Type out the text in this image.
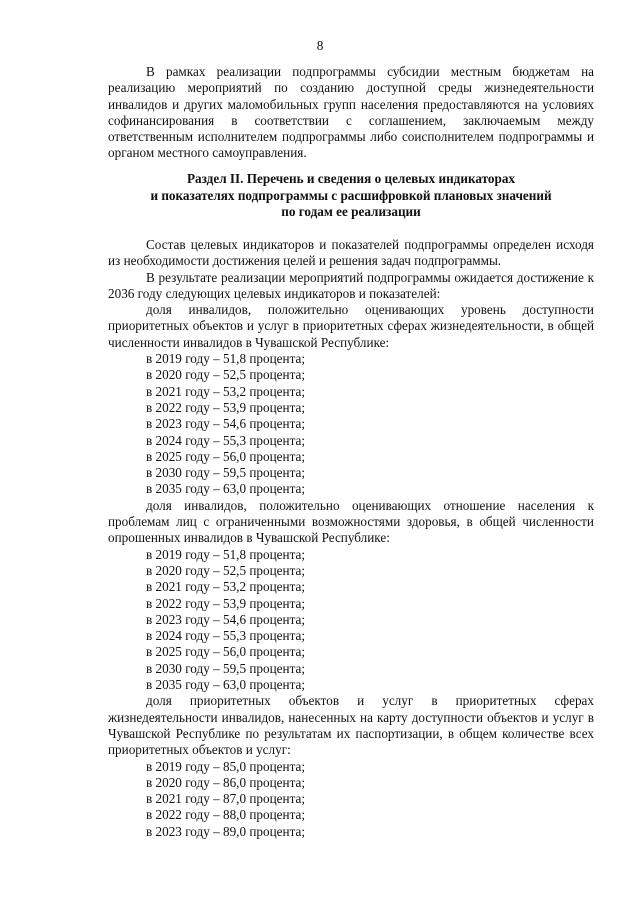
8

В рамках реализации подпрограммы субсидии местным бюджетам на реализацию мероприятий по созданию доступной среды жизнедеятельности инвалидов и других маломобильных групп населения предоставляются на условиях софинансирования в соответствии с соглашением, заключаемым между ответственным исполнителем подпрограммы либо соисполнителем подпрограммы и органом местного самоуправления.

Раздел II. Перечень и сведения о целевых индикаторах

и показателях подпрограммы с расшифровкой плановых значений

по годам ее реализации

Состав целевых индикаторов и показателей подпрограммы определен исходя из необходимости достижения целей и решения задач подпрограммы.

В результате реализации мероприятий подпрограммы ожидается достижение к 2036 году следующих целевых индикаторов и показателей:

доля инвалидов, положительно оценивающих уровень доступности приоритетных объектов и услуг в приоритетных сферах жизнедеятельности, в общей численности инвалидов в Чувашской Республике:

в 2019 году – 51,8 процента;

в 2020 году – 52,5 процента;

в 2021 году – 53,2 процента;

в 2022 году – 53,9 процента;

в 2023 году – 54,6 процента;

в 2024 году – 55,3 процента;

в 2025 году – 56,0 процента;

в 2030 году – 59,5 процента;

в 2035 году – 63,0 процента;

доля инвалидов, положительно оценивающих отношение населения к проблемам лиц с ограниченными возможностями здоровья, в общей численности опрошенных инвалидов в Чувашской Республике:

в 2019 году – 51,8 процента;

в 2020 году – 52,5 процента;

в 2021 году – 53,2 процента;

в 2022 году – 53,9 процента;

в 2023 году – 54,6 процента;

в 2024 году – 55,3 процента;

в 2025 году – 56,0 процента;

в 2030 году – 59,5 процента;

в 2035 году – 63,0 процента;

доля приоритетных объектов и услуг в приоритетных сферах жизнедеятельности инвалидов, нанесенных на карту доступности объектов и услуг в Чувашской Республике по результатам их паспортизации, в общем количестве всех приоритетных объектов и услуг:

в 2019 году – 85,0 процента;

в 2020 году – 86,0 процента;

в 2021 году – 87,0 процента;

в 2022 году – 88,0 процента;

в 2023 году – 89,0 процента;
